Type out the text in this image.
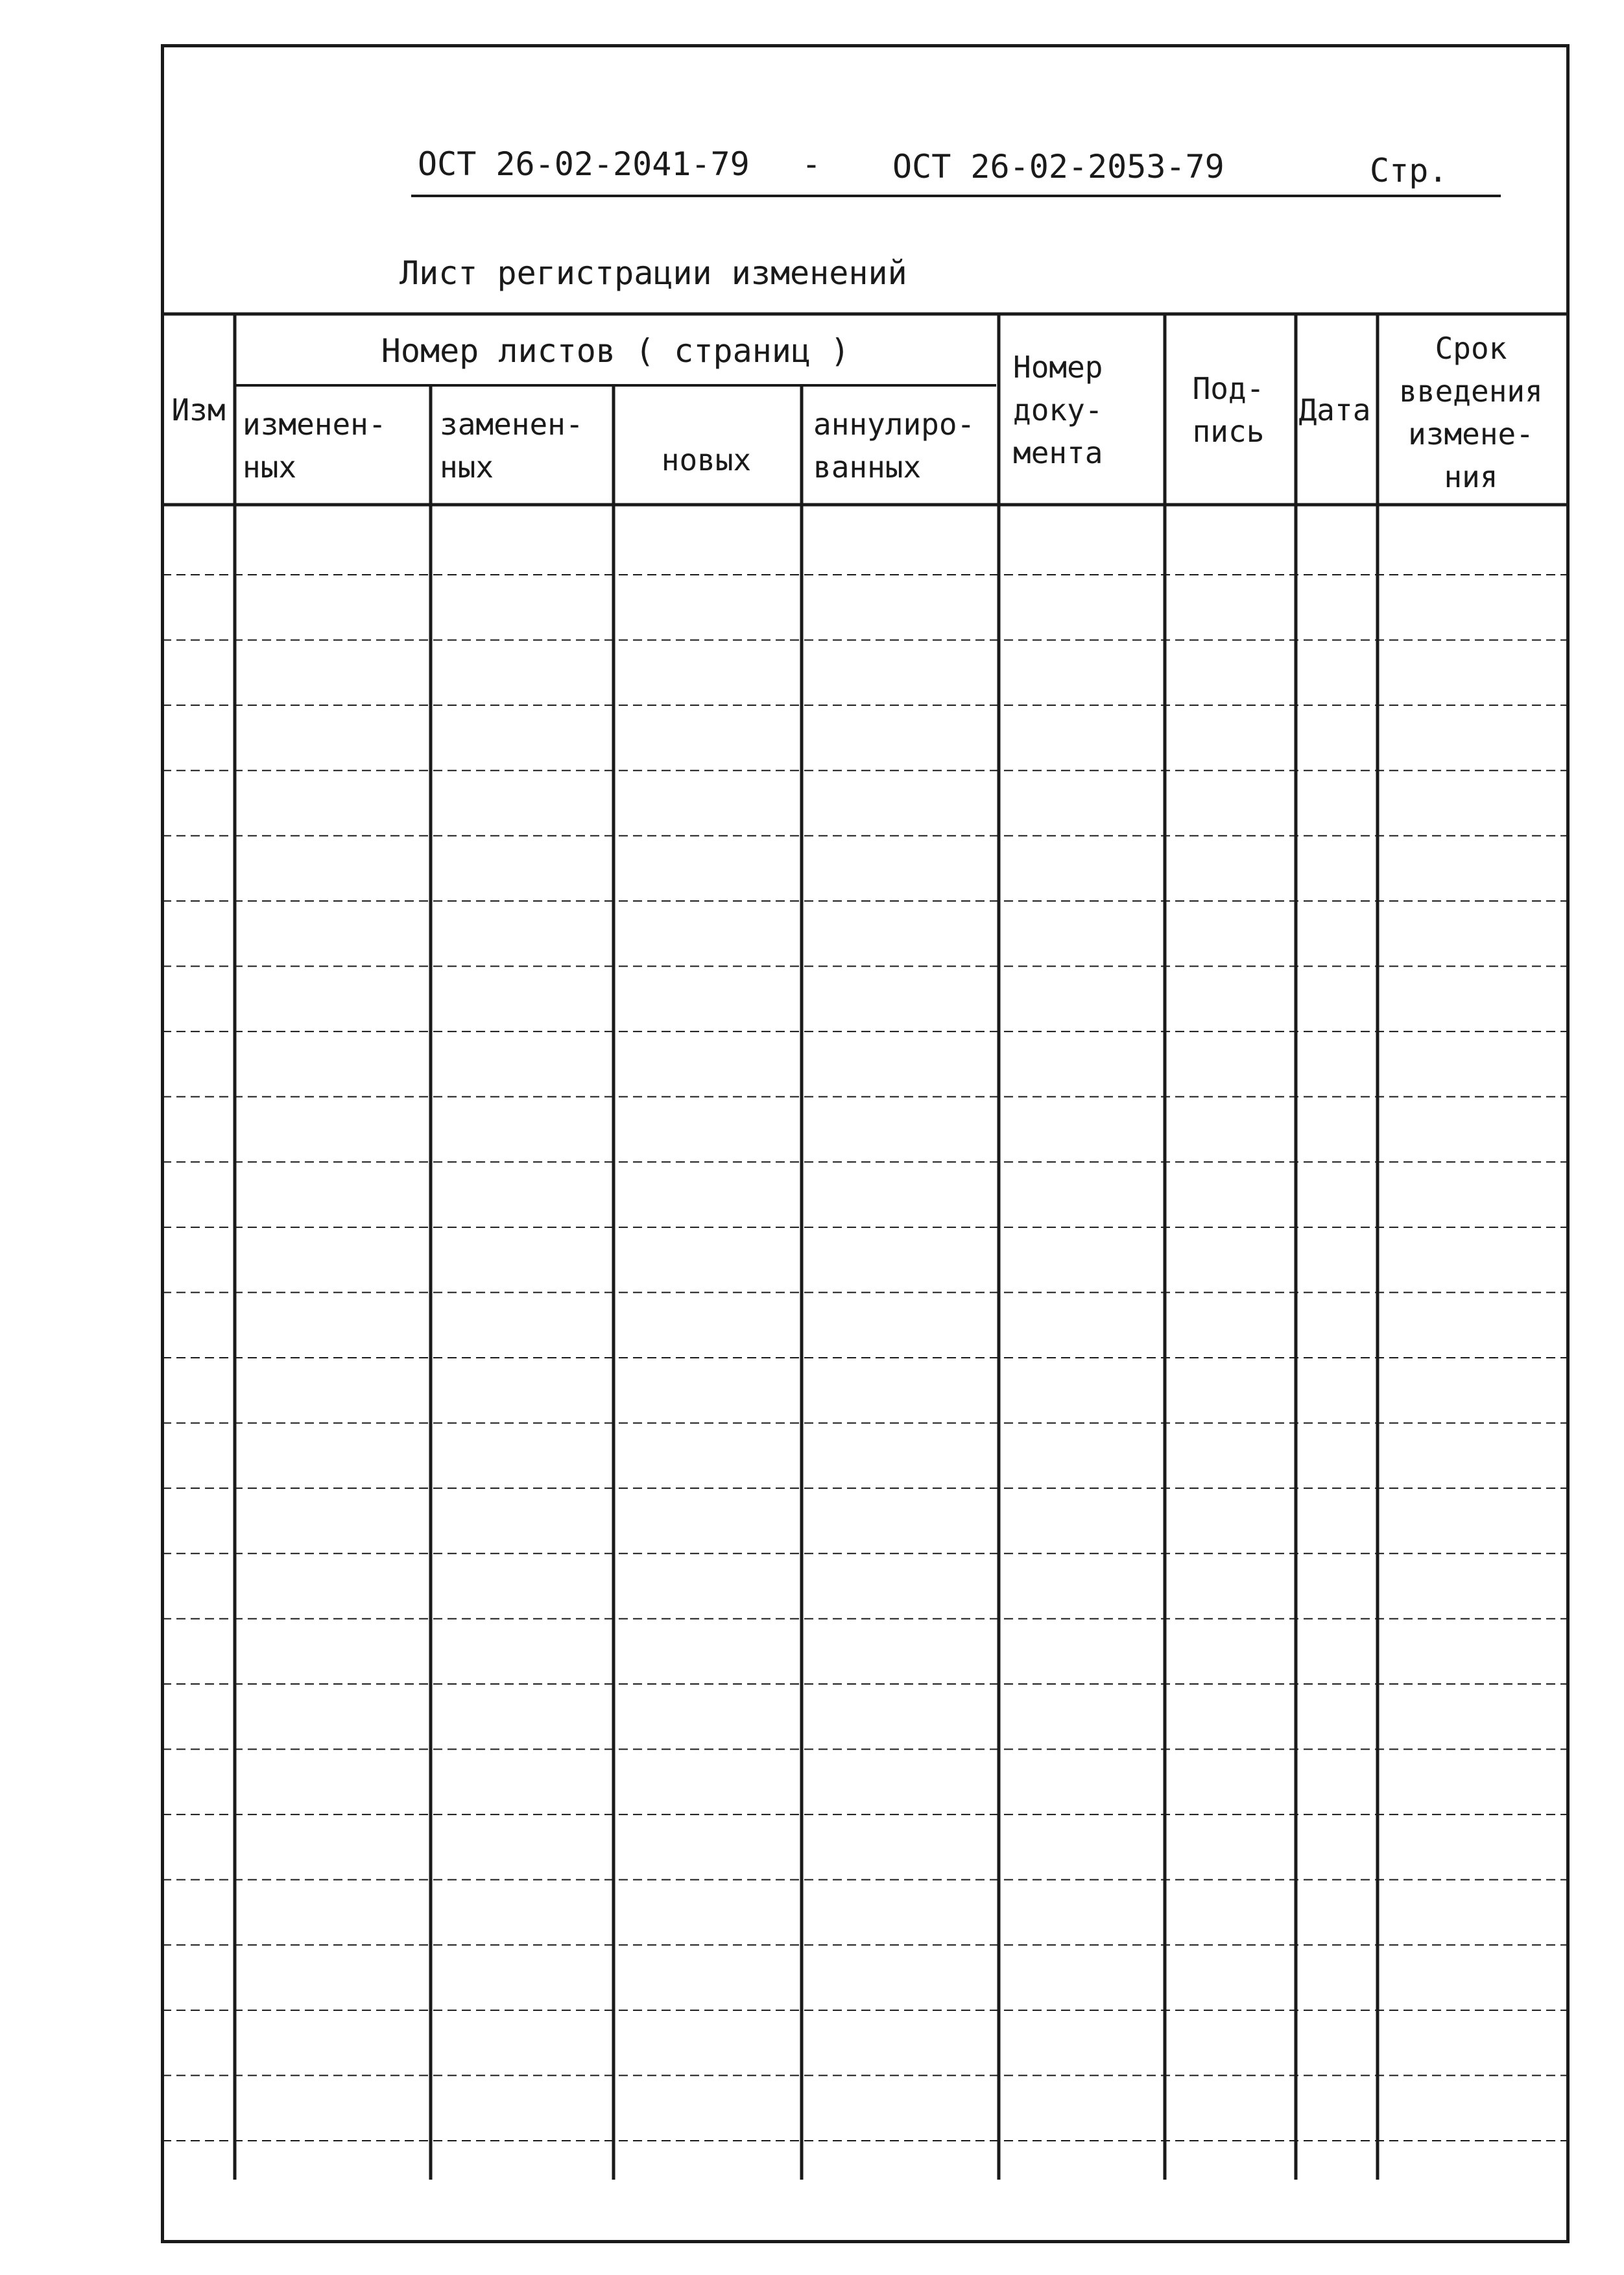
ОСТ 26-02-2041-79 - ОСТ 26-02-2053-79	Стр.
Лист регистрации изменений
Изм
Номер листов ( страниц )
изменен-
ных
заменен-
ных	новых
аннулиро-
ванных
Номер
доку-
мента
Под-
пись
Дата
Срок
введения
измене-
ния
